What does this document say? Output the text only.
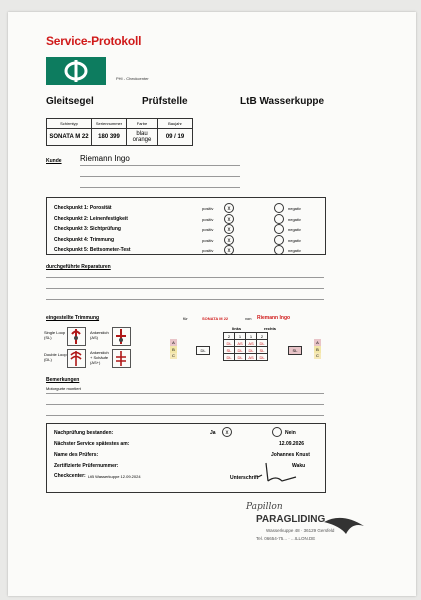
Service-Protokoll
PHI - Checkcenter
Gleitsegel	Prüfstelle	LtB Wasserkuppe
Schirmtyp	Seriennummer	Farbe	Baujahr
SONATA M 22	180 399	blau orange	09 / 19
Kunde Riemann Ingo
durchgeführte Reparaturen
eingestellte Trimmung	für	SONATA M 22	von Riemann Ingo
Single Loop
(SL)
Ankerstich
(AS)
Double Loop
(DL)
Ankerstich
+ Schäufe
(AS+)
A
B
C
DL
links	rechts
2	1	1	2
DL	AS	AS	DL
SL	DL	DL	SL
DL	DL	AS	DL
SL
A
B
C
Bemerkungen
Motorgurte montiert
Nachprüfung bestanden:	Ja	x	Nein
Nächster Service spätestes am:	12.09.2026
Name des Prüfers:	Johannes Knust
Zertifizierte Prüfernummer:	Waku
Checkcenter: LtB Wasserkuppe 12.09.2024	Unterschrift
Papillon
PARAGLIDING
Wasserkuppe 48 · 36129 Gersfeld
Tel. 06654-75... · ...ILLON.DE
Checkpunkt 1: Porosität	positiv	x	negativ
Checkpunkt 2: Leinenfestigkeit	positiv	x	negativ
Checkpunkt 3: Sichtprüfung	positiv	x	negativ
Checkpunkt 4: Trimmung	positiv	x	negativ
Checkpunkt 5: Bettsometer-Test	positiv	x	negativ
